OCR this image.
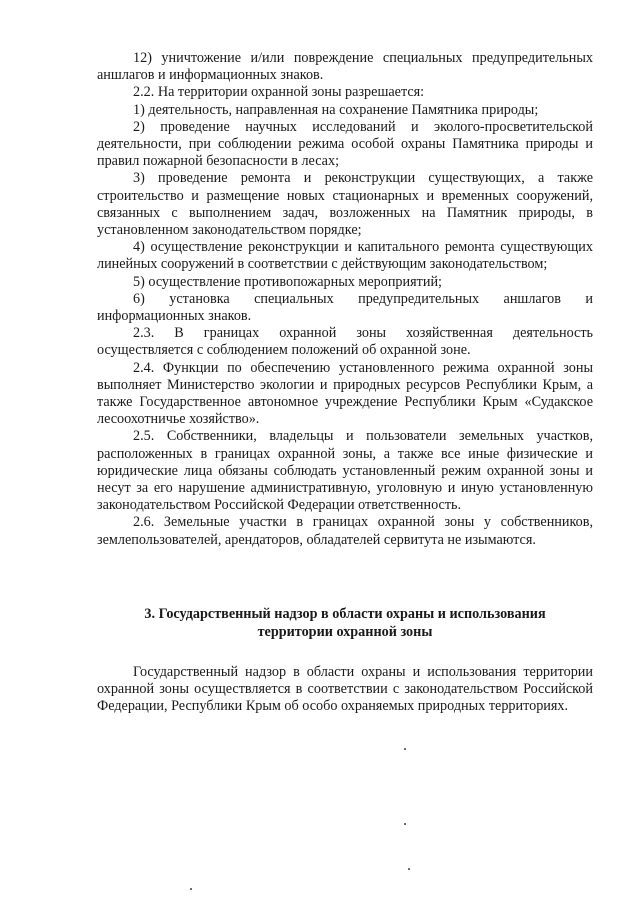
12) уничтожение и/или повреждение специальных предупредительных аншлагов и информационных знаков.

2.2. На территории охранной зоны разрешается:

1) деятельность, направленная на сохранение Памятника природы;

2) проведение научных исследований и эколого-просветительской деятельности, при соблюдении режима особой охраны Памятника природы и правил пожарной безопасности в лесах;

3) проведение ремонта и реконструкции существующих, а также строительство и размещение новых стационарных и временных сооружений, связанных с выполнением задач, возложенных на Памятник природы, в установленном законодательством порядке;

4) осуществление реконструкции и капитального ремонта существующих линейных сооружений в соответствии с действующим законодательством;

5) осуществление противопожарных мероприятий;

6) установка специальных предупредительных аншлагов и информационных знаков.

2.3. В границах охранной зоны хозяйственная деятельность осуществляется с соблюдением положений об охранной зоне.

2.4. Функции по обеспечению установленного режима охранной зоны выполняет Министерство экологии и природных ресурсов Республики Крым, а также Государственное автономное учреждение Республики Крым «Судакское лесоохотничье хозяйство».

2.5. Собственники, владельцы и пользователи земельных участков, расположенных в границах охранной зоны, а также все иные физические и юридические лица обязаны соблюдать установленный режим охранной зоны и несут за его нарушение административную, уголовную и иную установленную законодательством Российской Федерации ответственность.

2.6. Земельные участки в границах охранной зоны у собственников, землепользователей, арендаторов, обладателей сервитута не изымаются.

3. Государственный надзор в области охраны и использования
территории охранной зоны

Государственный надзор в области охраны и использования территории охранной зоны осуществляется в соответствии с законодательством Российской Федерации, Республики Крым об особо охраняемых природных территориях.
